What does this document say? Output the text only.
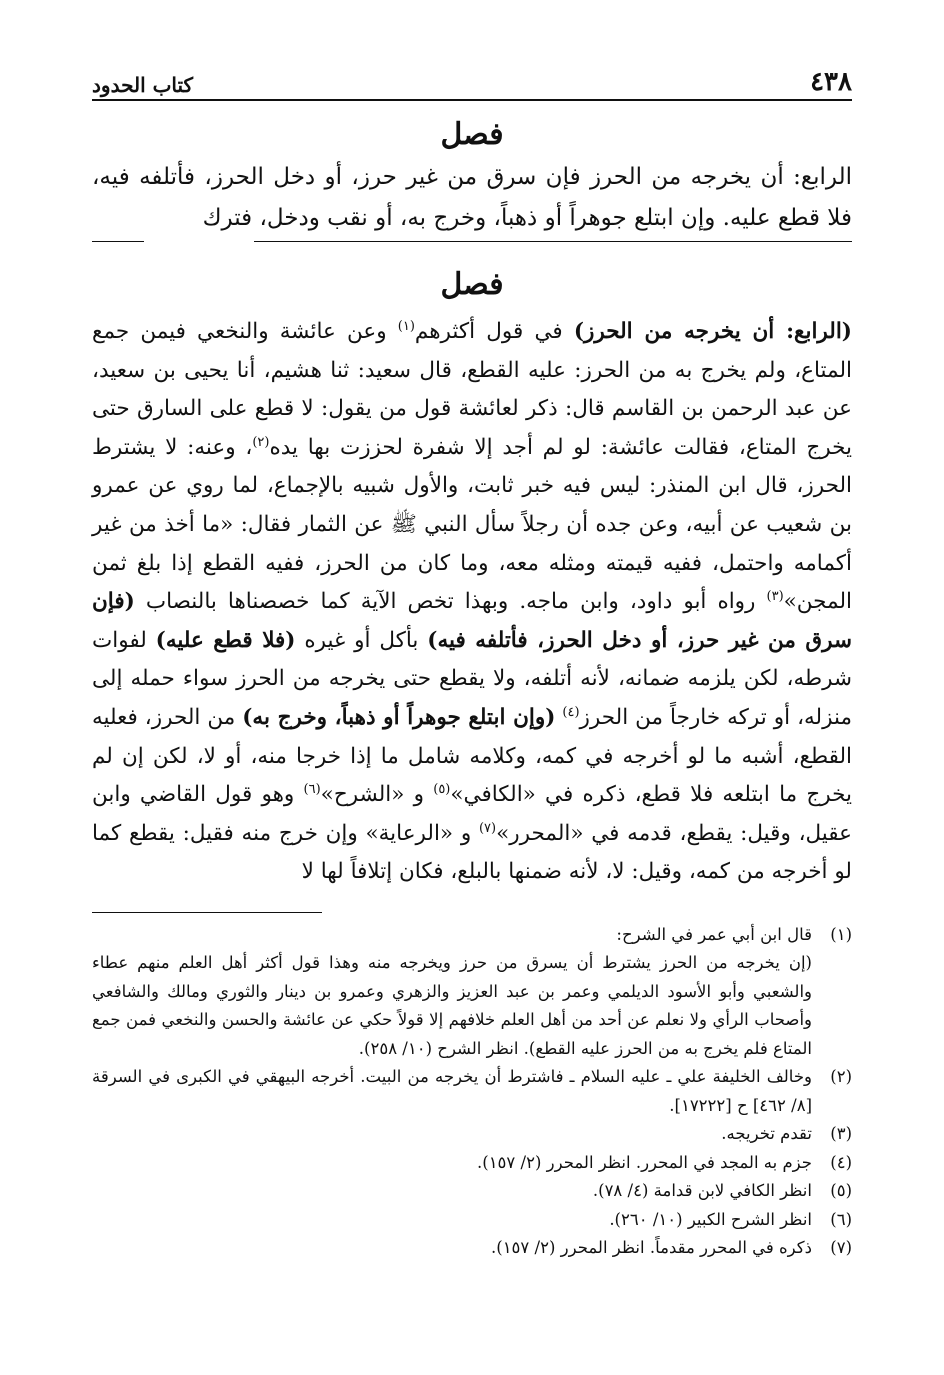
٤٣٨
كتاب الحدود
فصل

الرابع: أن يخرجه من الحرز فإن سرق من غير حرز، أو دخل الحرز، فأتلفه فيه، فلا قطع عليه. وإن ابتلع جوهراً أو ذهباً، وخرج به، أو نقب ودخل، فترك

فصل

(الرابع: أن يخرجه من الحرز) في قول أكثرهم$^{(١)}$ وعن عائشة والنخعي فيمن جمع المتاع، ولم يخرج به من الحرز: عليه القطع، قال سعيد: ثنا هشيم، أنا يحيى بن سعيد، عن عبد الرحمن بن القاسم قال: ذكر لعائشة قول من يقول: لا قطع على السارق حتى يخرج المتاع، فقالت عائشة: لو لم أجد إلا شفرة لحززت بها يده$^{(٢)}$، وعنه: لا يشترط الحرز، قال ابن المنذر: ليس فيه خبر ثابت، والأول شبيه بالإجماع، لما روي عن عمرو بن شعيب عن أبيه، وعن جده أن رجلاً سأل النبي ﷺ عن الثمار فقال: «ما أخذ من غير أكمامه واحتمل، ففيه قيمته ومثله معه، وما كان من الحرز، ففيه القطع إذا بلغ ثمن المجن»$^{(٣)}$ رواه أبو داود، وابن ماجه. وبهذا تخص الآية كما خصصناها بالنصاب (فإن سرق من غير حرز، أو دخل الحرز، فأتلفه فيه) بأكل أو غيره (فلا قطع عليه) لفوات شرطه، لكن يلزمه ضمانه، لأنه أتلفه، ولا يقطع حتى يخرجه من الحرز سواء حمله إلى منزله، أو تركه خارجاً من الحرز$^{(٤)}$ (وإن ابتلع جوهراً أو ذهباً، وخرج به) من الحرز، فعليه القطع، أشبه ما لو أخرجه في كمه، وكلامه شامل ما إذا خرجا منه، أو لا، لكن إن لم يخرج ما ابتلعه فلا قطع، ذكره في «الكافي»$^{(٥)}$ و «الشرح»$^{(٦)}$ وهو قول القاضي وابن عقيل، وقيل: يقطع، قدمه في «المحرر»$^{(٧)}$ و «الرعاية» وإن خرج منه فقيل: يقطع كما لو أخرجه من كمه، وقيل: لا، لأنه ضمنها بالبلع، فكان إتلافاً لها لا

(١)
قال ابن أبي عمر في الشرح:
(إن يخرجه من الحرز يشترط أن يسرق من حرز ويخرجه منه وهذا قول أكثر أهل العلم منهم عطاء والشعبي وأبو الأسود الديلمي وعمر بن عبد العزيز والزهري وعمرو بن دينار والثوري ومالك والشافعي وأصحاب الرأي ولا نعلم عن أحد من أهل العلم خلافهم إلا قولاً حكي عن عائشة والحسن والنخعي فمن جمع المتاع فلم يخرج به من الحرز عليه القطع). انظر الشرح (١٠/ ٢٥٨).
(٢)
وخالف الخليفة علي ـ عليه السلام ـ فاشترط أن يخرجه من البيت. أخرجه البيهقي في الكبرى في السرقة [٨/ ٤٦٢] ح [١٧٢٢٢].
(٣)
تقدم تخريجه.
(٤)
جزم به المجد في المحرر. انظر المحرر (٢/ ١٥٧).
(٥)
انظر الكافي لابن قدامة (٤/ ٧٨).
(٦)
انظر الشرح الكبير (١٠/ ٢٦٠).
(٧)
ذكره في المحرر مقدماً. انظر المحرر (٢/ ١٥٧).
